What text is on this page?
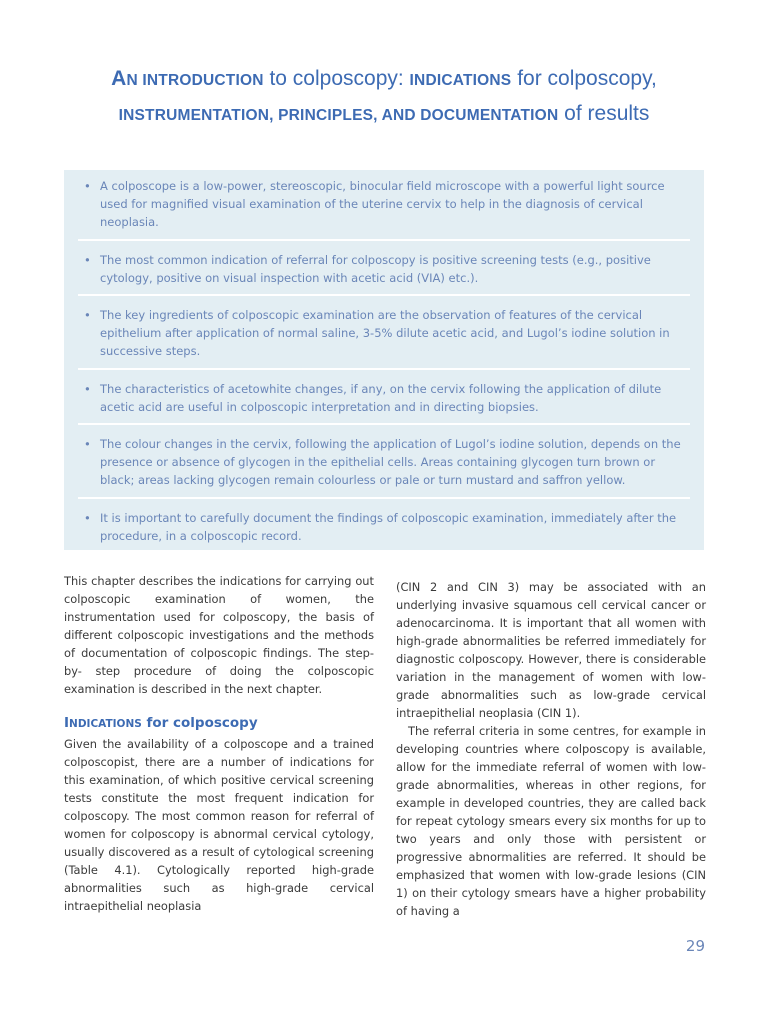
AN INTRODUCTION to colposcopy: INDICATIONS for colposcopy,
INSTRUMENTATION, PRINCIPLES, AND DOCUMENTATION of results
• A colposcope is a low-power, stereoscopic, binocular field microscope with a powerful light source used for magnified visual examination of the uterine cervix to help in the diagnosis of cervical neoplasia.
• The most common indication of referral for colposcopy is positive screening tests (e.g., positive cytology, positive on visual inspection with acetic acid (VIA) etc.).
• The key ingredients of colposcopic examination are the observation of features of the cervical epithelium after application of normal saline, 3-5% dilute acetic acid, and Lugol’s iodine solution in successive steps.
• The characteristics of acetowhite changes, if any, on the cervix following the application of dilute acetic acid are useful in colposcopic interpretation and in directing biopsies.
• The colour changes in the cervix, following the application of Lugol’s iodine solution, depends on the presence or absence of glycogen in the epithelial cells. Areas containing glycogen turn brown or black; areas lacking glycogen remain colourless or pale or turn mustard and saffron yellow.
• It is important to carefully document the findings of colposcopic examination, immediately after the procedure, in a colposcopic record.

This chapter describes the indications for carrying out colposcopic examination of women, the instrumentation used for colposcopy, the basis of different colposcopic investigations and the methods of documentation of colposcopic findings. The step-by- step procedure of doing the colposcopic examination is described in the next chapter.

INDICATIONS for colposcopy

Given the availability of a colposcope and a trained colposcopist, there are a number of indications for this examination, of which positive cervical screening tests constitute the most frequent indication for colposcopy. The most common reason for referral of women for colposcopy is abnormal cervical cytology, usually discovered as a result of cytological screening (Table 4.1). Cytologically reported high-grade abnormalities such as high-grade cervical intraepithelial neoplasia

(CIN 2 and CIN 3) may be associated with an underlying invasive squamous cell cervical cancer or adenocarcinoma. It is important that all women with high-grade abnormalities be referred immediately for diagnostic colposcopy. However, there is considerable variation in the management of women with low-grade abnormalities such as low-grade cervical intraepithelial neoplasia (CIN 1).

The referral criteria in some centres, for example in developing countries where colposcopy is available, allow for the immediate referral of women with low-grade abnormalities, whereas in other regions, for example in developed countries, they are called back for repeat cytology smears every six months for up to two years and only those with persistent or progressive abnormalities are referred. It should be emphasized that women with low-grade lesions (CIN 1) on their cytology smears have a higher probability of having a

29
